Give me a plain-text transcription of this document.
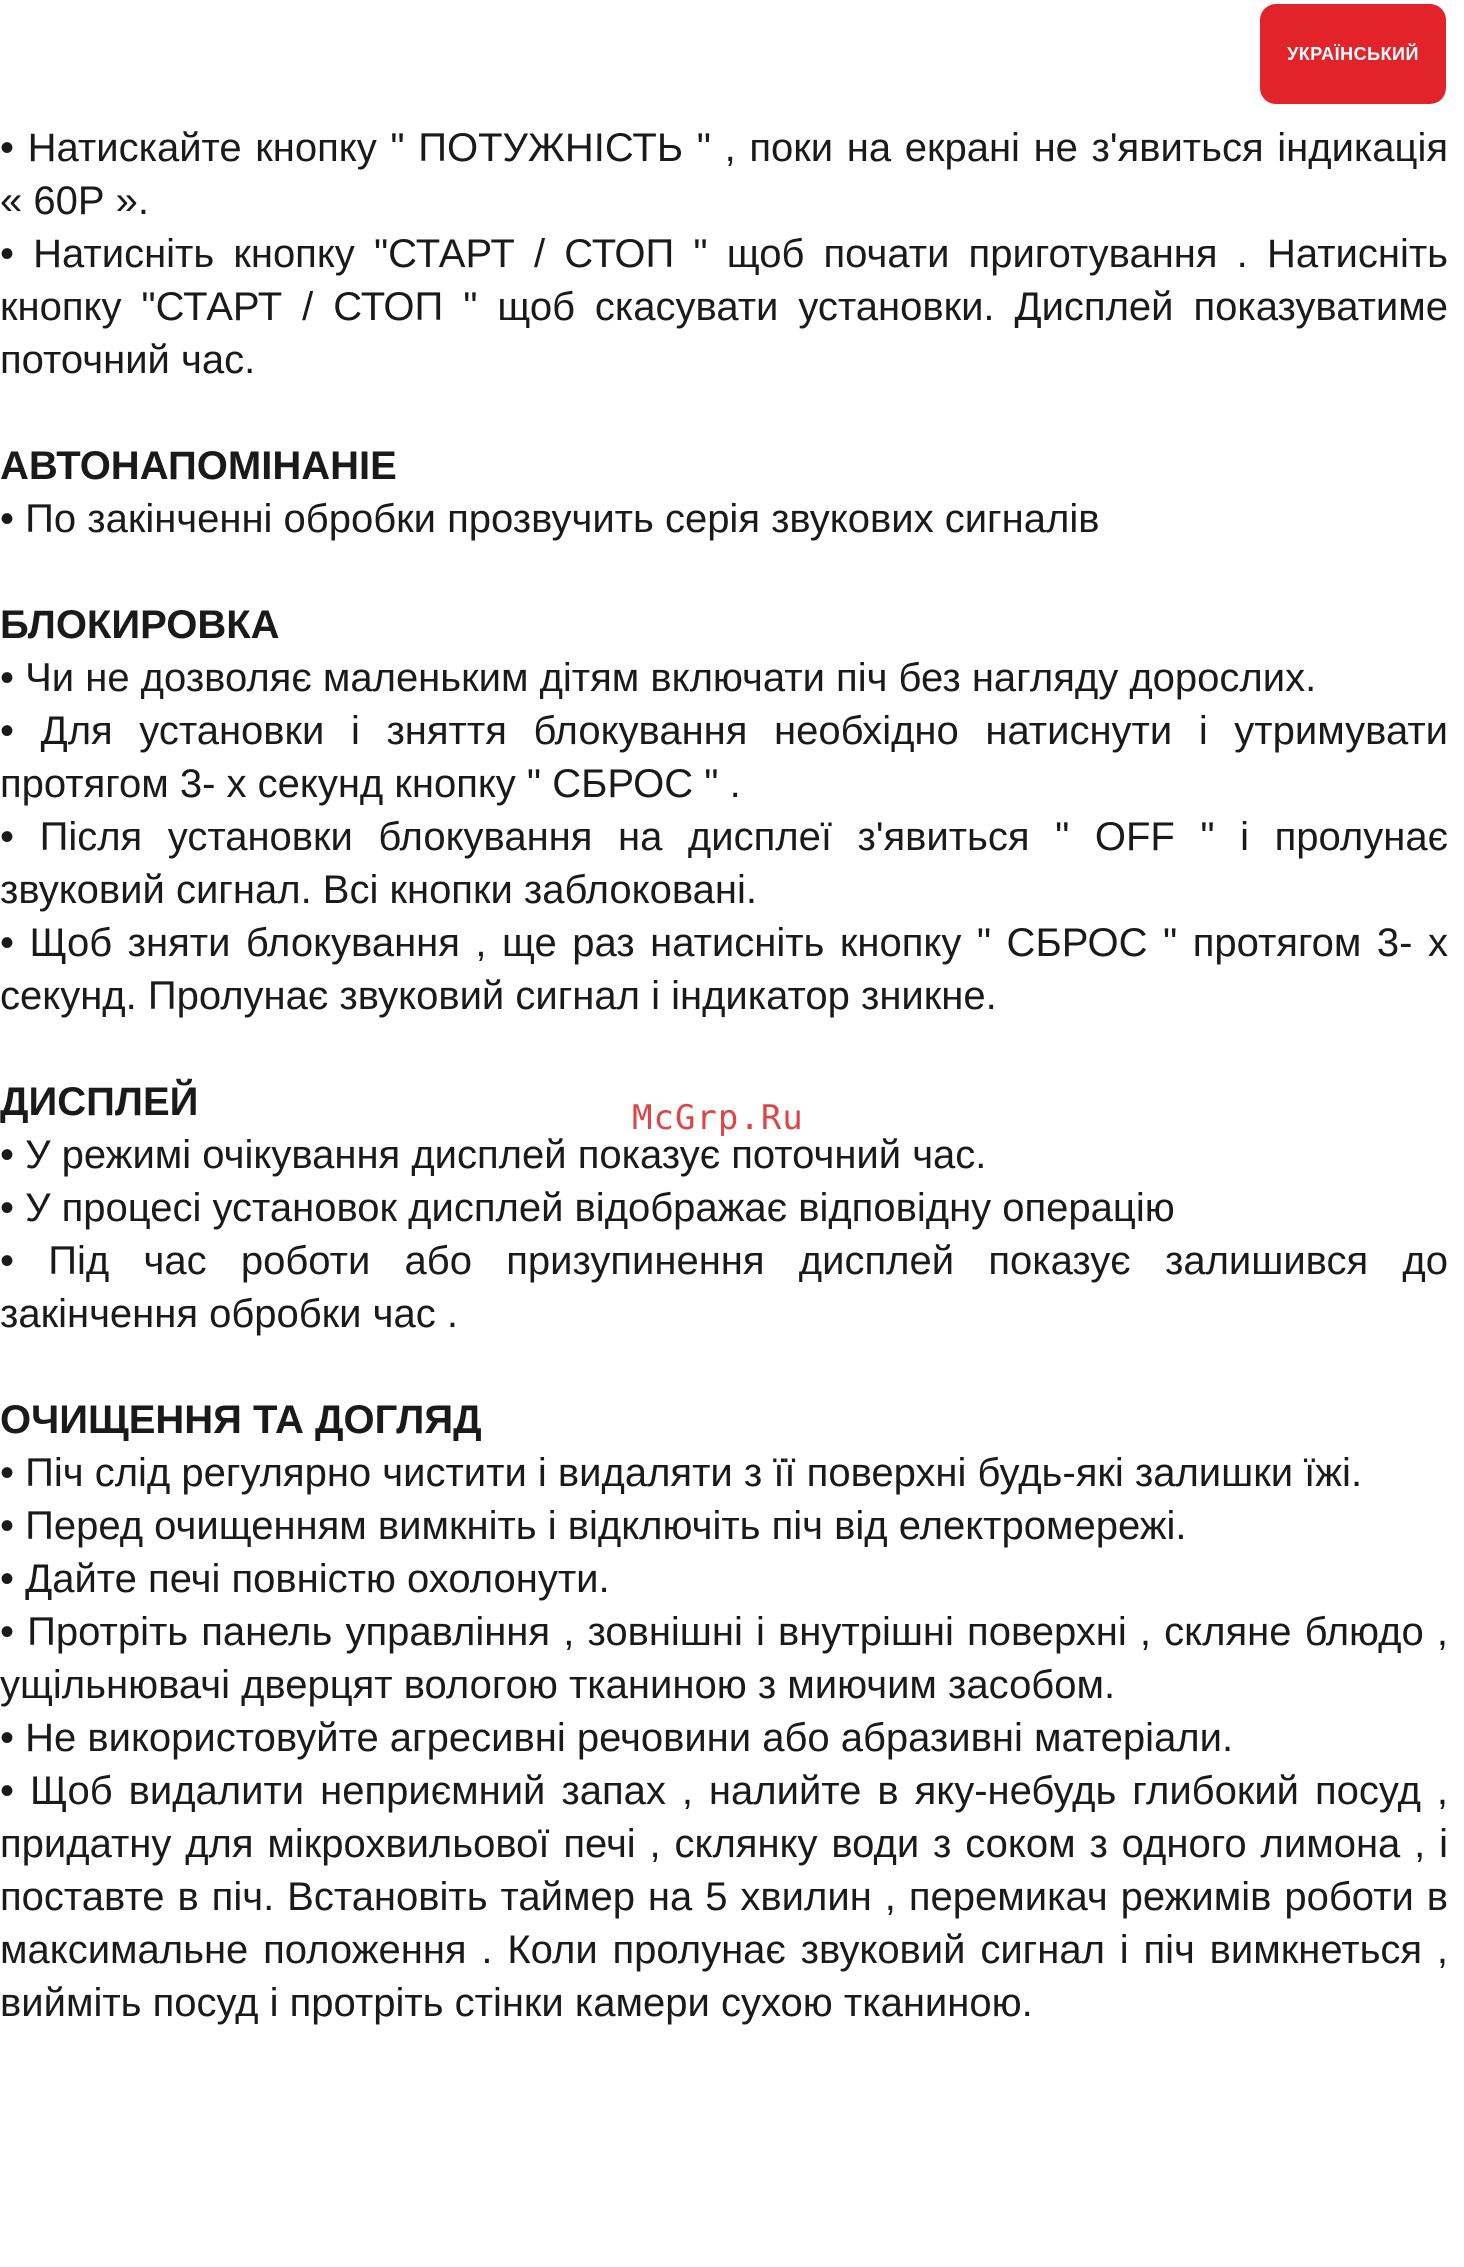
УКРАЇНСЬКИЙ
McGrp.Ru

• Натискайте кнопку " ПОТУЖНІСТЬ " , поки на екрані не з'явиться індикація « 60Р ».

• Натисніть кнопку "СТАРТ / СТОП " щоб почати приготування . Натисніть кнопку "СТАРТ / СТОП " щоб скасувати установки. Дисплей показуватиме поточний час.

АВТОНАПОМІНАНІЕ

• По закінченні обробки прозвучить серія звукових сигналів

БЛОКИРОВКА

• Чи не дозволяє маленьким дітям включати піч без нагляду дорослих.

• Для установки і зняття блокування необхідно натиснути і утримувати протягом 3- х секунд кнопку " СБРОС " .

• Після установки блокування на дисплеї з'явиться " OFF " і пролунає звуковий сигнал. Всі кнопки заблоковані.

• Щоб зняти блокування , ще раз натисніть кнопку " СБРОС " протягом 3- х секунд. Пролунає звуковий сигнал і індикатор зникне.

ДИСПЛЕЙ

• У режимі очікування дисплей показує поточний час.

• У процесі установок дисплей відображає відповідну операцію

• Під час роботи або призупинення дисплей показує залишився до закінчення обробки час .

ОЧИЩЕННЯ ТА ДОГЛЯД

• Піч слід регулярно чистити і видаляти з її поверхні будь-які залишки їжі.

• Перед очищенням вимкніть і відключіть піч від електромережі.

• Дайте печі повністю охолонути.

• Протріть панель управління , зовнішні і внутрішні поверхні , скляне блюдо , ущільнювачі дверцят вологою тканиною з миючим засобом.

• Не використовуйте агресивні речовини або абразивні матеріали.

• Щоб видалити неприємний запах , налийте в яку-небудь глибокий посуд , придатну для мікрохвильової печі , склянку води з соком з одного лимона , і поставте в піч. Встановіть таймер на 5 хвилин , перемикач режимів роботи в максимальне положення . Коли пролунає звуковий сигнал і піч вимкнеться , вийміть посуд і протріть стінки камери сухою тканиною.
